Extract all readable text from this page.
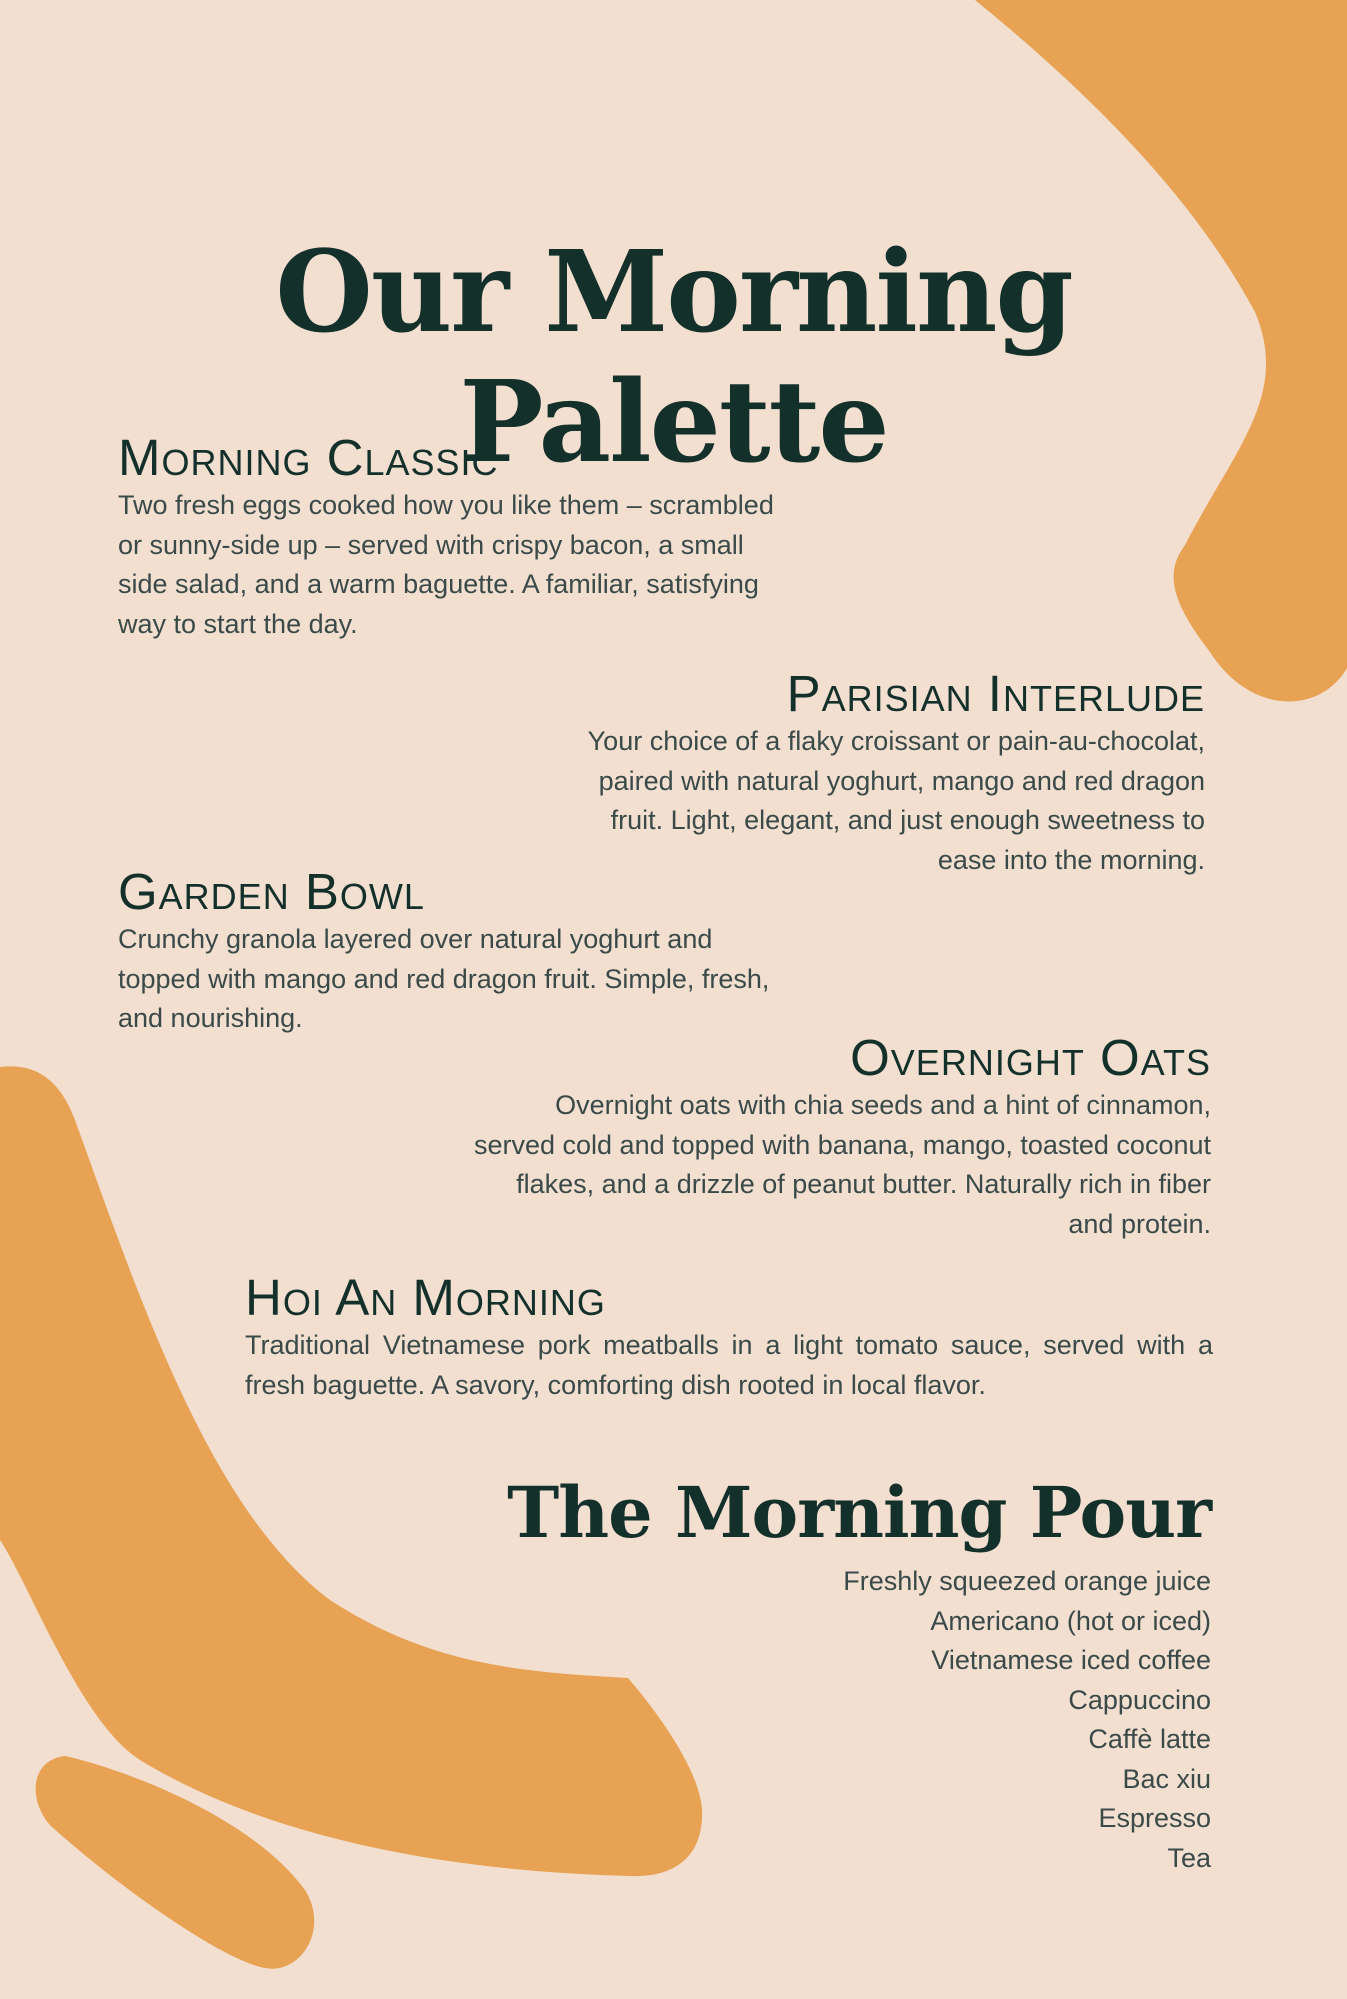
Our Morning Palette
Morning Classic

Two fresh eggs cooked how you like them – scrambled or sunny-side up – served with crispy bacon, a small side salad, and a warm baguette. A familiar, satisfying way to start the day.

Parisian Interlude

Your choice of a flaky croissant or pain-au-chocolat, paired with natural yoghurt, mango and red dragon fruit. Light, elegant, and just enough sweetness to ease into the morning.

Garden Bowl

Crunchy granola layered over natural yoghurt and topped with mango and red dragon fruit. Simple, fresh, and nourishing.

Overnight Oats

Overnight oats with chia seeds and a hint of cinnamon, served cold and topped with banana, mango, toasted coconut flakes, and a drizzle of peanut butter. Naturally rich in fiber and protein.

Hoi An Morning

Traditional Vietnamese pork meatballs in a light tomato sauce, served with a fresh baguette. A savory, comforting dish rooted in local flavor.

The Morning Pour
Freshly squeezed orange juice
Americano (hot or iced)
Vietnamese iced coffee
Cappuccino
Caffè latte
Bac xiu
Espresso
Tea
